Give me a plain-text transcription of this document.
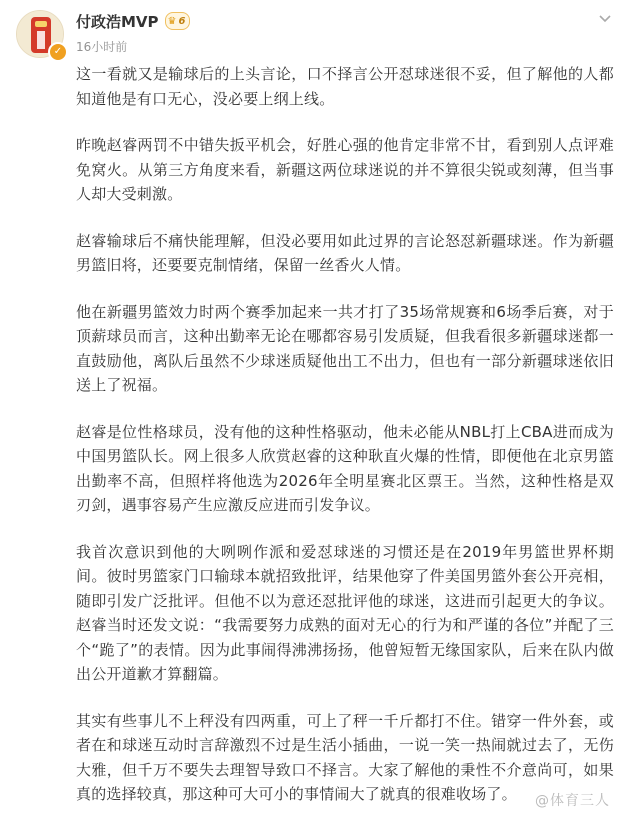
✓
付政浩MVP ♛ 6
16小时前

这一看就又是输球后的上头言论，口不择言公开怼球迷很不妥，但了解他的人都知道他是有口无心，没必要上纲上线。

昨晚赵睿两罚不中错失扳平机会，好胜心强的他肯定非常不甘，看到别人点评难免窝火。从第三方角度来看，新疆这两位球迷说的并不算很尖锐或刻薄，但当事人却大受刺激。

赵睿输球后不痛快能理解，但没必要用如此过界的言论怒怼新疆球迷。作为新疆男篮旧将，还要要克制情绪，保留一丝香火人情。

他在新疆男篮效力时两个赛季加起来一共才打了35场常规赛和6场季后赛，对于顶薪球员而言，这种出勤率无论在哪都容易引发质疑，但我看很多新疆球迷都一直鼓励他，离队后虽然不少球迷质疑他出工不出力，但也有一部分新疆球迷依旧送上了祝福。

赵睿是位性格球员，没有他的这种性格驱动，他未必能从NBL打上CBA进而成为中国男篮队长。网上很多人欣赏赵睿的这种耿直火爆的性情，即便他在北京男篮出勤率不高，但照样将他选为2026年全明星赛北区票王。当然，这种性格是双刃剑，遇事容易产生应激反应进而引发争议。

我首次意识到他的大咧咧作派和爱怼球迷的习惯还是在2019年男篮世界杯期间。彼时男篮家门口输球本就招致批评，结果他穿了件美国男篮外套公开亮相，随即引发广泛批评。但他不以为意还怼批评他的球迷，这进而引起更大的争议。赵睿当时还发文说：“我需要努力成熟的面对无心的行为和严谨的各位”并配了三个“跪了”的表情。因为此事闹得沸沸扬扬，他曾短暂无缘国家队，后来在队内做出公开道歉才算翻篇。

其实有些事儿不上秤没有四两重，可上了秤一千斤都打不住。错穿一件外套，或者在和球迷互动时言辞激烈不过是生活小插曲，一说一笑一热闹就过去了，无伤大雅，但千万不要失去理智导致口不择言。大家了解他的秉性不介意尚可，如果真的选择较真，那这种可大可小的事情闹大了就真的很难收场了。	@体育三人
